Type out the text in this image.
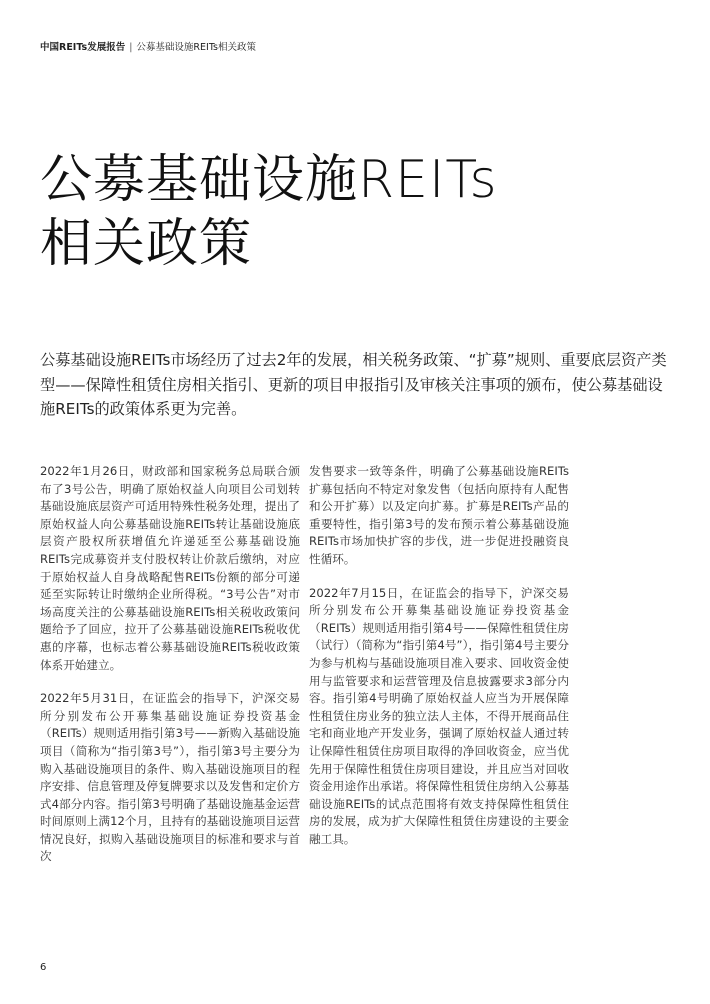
中国REITs发展报告 | 公募基础设施REITs相关政策
公募基础设施REITs
相关政策

公募基础设施REITs市场经历了过去2年的发展，相关税务政策、“扩募”规则、重要底层资产类型——保障性租赁住房相关指引、更新的项目申报指引及审核关注事项的颁布，使公募基础设施REITs的政策体系更为完善。

2022年1月26日，财政部和国家税务总局联合颁布了3号公告，明确了原始权益人向项目公司划转基础设施底层资产可适用特殊性税务处理，提出了原始权益人向公募基础设施REITs转让基础设施底层资产股权所获增值允许递延至公募基础设施REITs完成募资并支付股权转让价款后缴纳，对应于原始权益人自身战略配售REITs份额的部分可递延至实际转让时缴纳企业所得税。“3号公告”对市场高度关注的公募基础设施REITs相关税收政策问题给予了回应，拉开了公募基础设施REITs税收优惠的序幕，也标志着公募基础设施REITs税收政策体系开始建立。

2022年5月31日，在证监会的指导下，沪深交易所分别发布公开募集基础设施证券投资基金（REITs）规则适用指引第3号——新购入基础设施项目（简称为“指引第3号”），指引第3号主要分为购入基础设施项目的条件、购入基础设施项目的程序安排、信息管理及停复牌要求以及发售和定价方式4部分内容。指引第3号明确了基础设施基金运营时间原则上满12个月，且持有的基础设施项目运营情况良好，拟购入基础设施项目的标准和要求与首次

发售要求一致等条件，明确了公募基础设施REITs扩募包括向不特定对象发售（包括向原持有人配售和公开扩募）以及定向扩募。扩募是REITs产品的重要特性，指引第3号的发布预示着公募基础设施REITs市场加快扩容的步伐，进一步促进投融资良性循环。

2022年7月15日，在证监会的指导下，沪深交易所分别发布公开募集基础设施证券投资基金（REITs）规则适用指引第4号——保障性租赁住房（试行）（简称为“指引第4号”），指引第4号主要分为参与机构与基础设施项目准入要求、回收资金使用与监管要求和运营管理及信息披露要求3部分内容。指引第4号明确了原始权益人应当为开展保障性租赁住房业务的独立法人主体，不得开展商品住宅和商业地产开发业务，强调了原始权益人通过转让保障性租赁住房项目取得的净回收资金，应当优先用于保障性租赁住房项目建设，并且应当对回收资金用途作出承诺。将保障性租赁住房纳入公募基础设施REITs的试点范围将有效支持保障性租赁住房的发展，成为扩大保障性租赁住房建设的主要金融工具。

6
